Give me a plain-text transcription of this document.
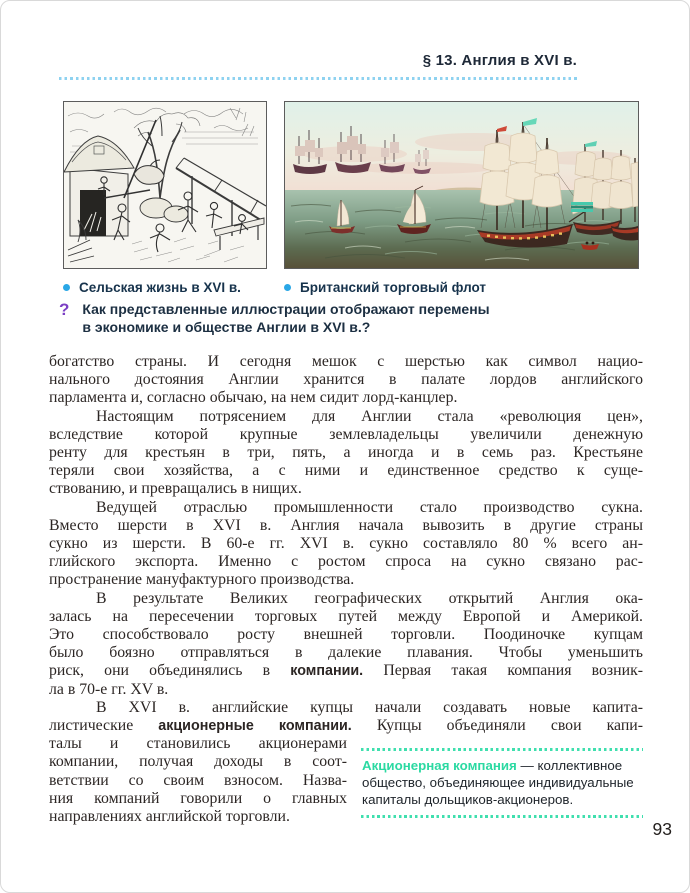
§ 13. Англия в XVI в.
Сельская жизнь в XVI в.	Британский торговый флот
? Как представленные иллюстрации отображают перемены
в экономике и обществе Англии в XVI в.?
богатство страны. И сегодня мешок с шерстью как символ нацио-
нального достояния Англии хранится в палате лордов английского
парламента и, согласно обычаю, на нем сидит лорд-канцлер.
Настоящим потрясением для Англии стала «революция цен»,
вследствие которой крупные землевладельцы увеличили денежную
ренту для крестьян в три, пять, а иногда и в семь раз. Крестьяне
теряли свои хозяйства, а с ними и единственное средство к суще-
ствованию, и превращались в нищих.
Ведущей отраслью промышленности стало производство сукна.
Вместо шерсти в XVI в. Англия начала вывозить в другие страны
сукно из шерсти. В 60-е гг. XVI в. сукно составляло 80 % всего ан-
глийского экспорта. Именно с ростом спроса на сукно связано рас-
пространение мануфактурного производства.
В результате Великих географических открытий Англия ока-
залась на пересечении торговых путей между Европой и Америкой.
Это способствовало росту внешней торговли. Поодиночке купцам
было боязно отправляться в далекие плавания. Чтобы уменьшить
риск, они объединялись в компании. Первая такая компания возник-
ла в 70-е гг. XV в.
В XVI в. английские купцы начали создавать новые капита-
листические акционерные компании. Купцы объединяли свои капи-
талы и становились акционерами
компании, получая доходы в соот-
ветствии со своим взносом. Назва-
ния компаний говорили о главных
направлениях английской торговли.
Акционерная компания — коллективное общество, объединяющее индивидуальные капиталы дольщиков-акционеров.
93
